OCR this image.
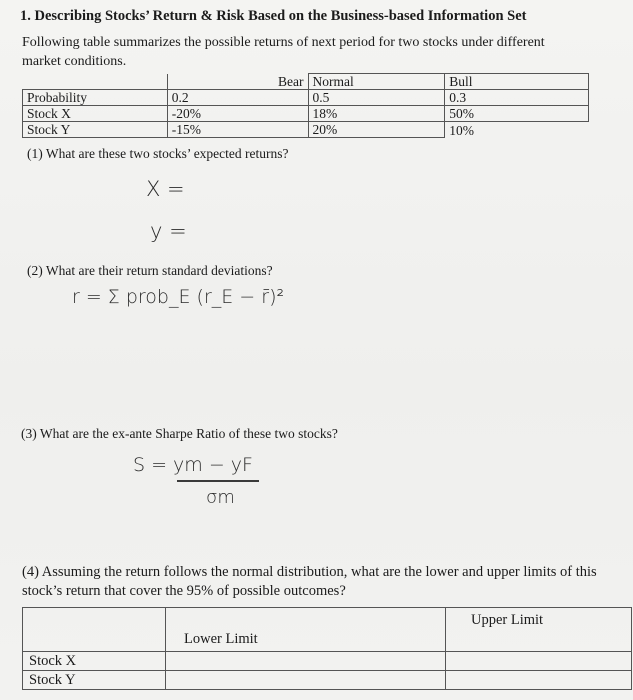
1. Describing Stocks’ Return & Risk Based on the Business-based Information Set
Following table summarizes the possible returns of next period for two stocks under different market conditions.
	Bear	Normal	Bull
Probability	0.2	0.5	0.3
Stock X	-20%	18%	50%
Stock Y	-15%	20%	10%
(1) What are these two stocks’ expected returns?
X =
y =
(2) What are their return standard deviations?
r = Σ prob_E (r_E − r̄)²
(3) What are the ex-ante Sharpe Ratio of these two stocks?
S = ym − yF
σm
(4) Assuming the return follows the normal distribution, what are the lower and upper limits of this stock’s return that cover the 95% of possible outcomes?
	Lower Limit	Upper Limit
Stock X		
Stock Y		
